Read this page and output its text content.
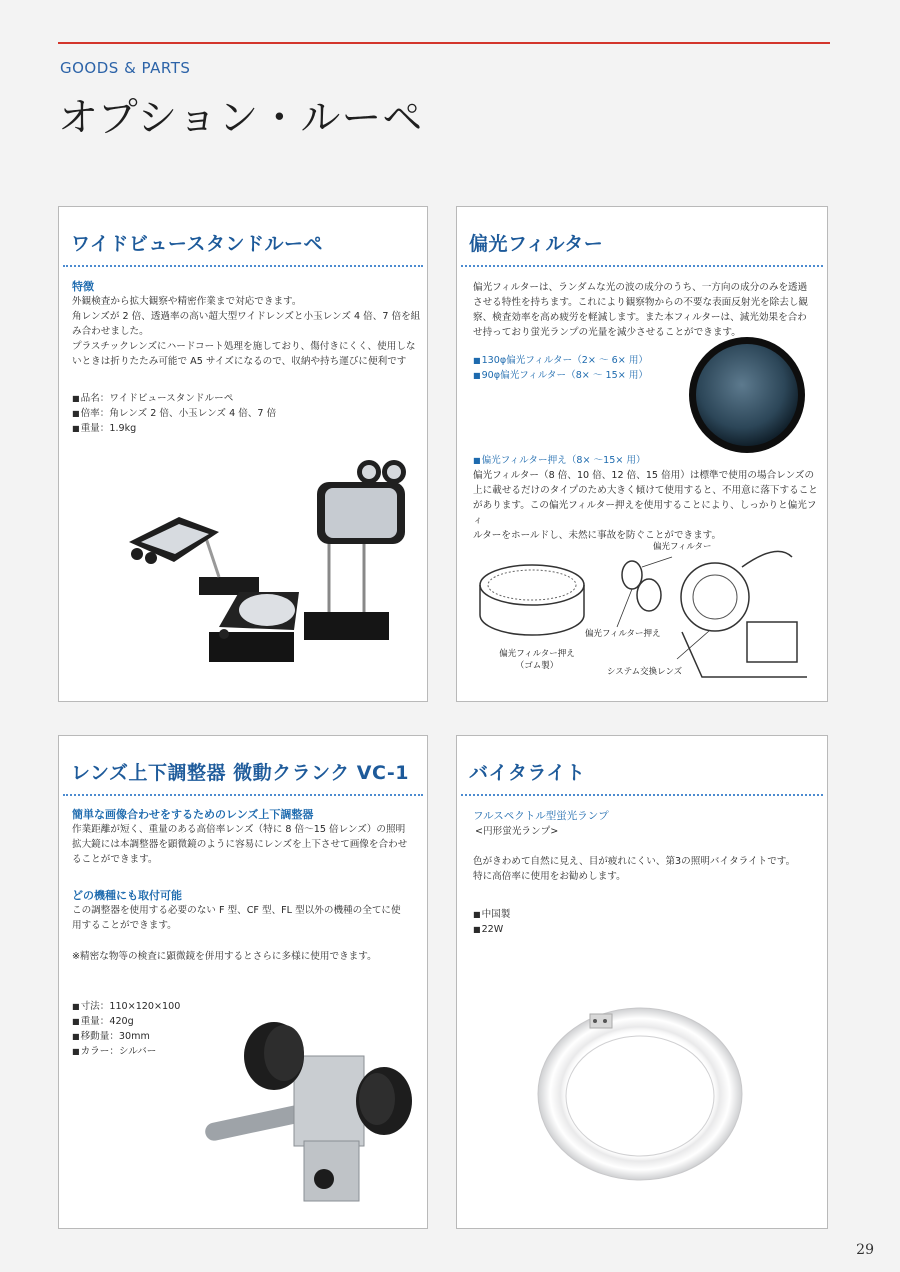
GOODS & PARTS
オプション・ルーペ
ワイドビュースタンドルーペ
特徴
外観検査から拡大観察や精密作業まで対応できます。
角レンズが 2 倍、透過率の高い超大型ワイドレンズと小玉レンズ 4 倍、7 倍を組
み合わせました。
プラスチックレンズにハードコート処理を施しており、傷付きにくく、使用しな
いときは折りたたみ可能で A5 サイズになるので、収納や持ち運びに便利です
■ 品名：ワイドビュースタンドルーペ
■ 倍率：角レンズ 2 倍、小玉レンズ 4 倍、7 倍
■ 重量：1.9kg
偏光フィルター
偏光フィルターは、ランダムな光の波の成分のうち、一方向の成分のみを透過
させる特性を持ちます。これにより観察物からの不要な表面反射光を除去し観
察、検査効率を高め疲労を軽減します。また本フィルターは、減光効果を合わ
せ持っており蛍光ランプの光量を減少させることができます。
■ 130φ偏光フィルター（2× ～ 6× 用）
■ 90φ偏光フィルター（8× ～ 15× 用）
■ 偏光フィルター押え（8× ～15× 用）
偏光フィルター（8 倍、10 倍、12 倍、15 倍用）は標準で使用の場合レンズの
上に載せるだけのタイプのため大きく傾けて使用すると、不用意に落下すること
があります。この偏光フィルター押えを使用することにより、しっかりと偏光フィ
ルターをホールドし、未然に事故を防ぐことができます。
偏光フィルター押え
（ゴム製）
偏光フィルター
偏光フィルター押え
システム交換レンズ
レンズ上下調整器 微動クランク VC-1
簡単な画像合わせをするためのレンズ上下調整器
作業距離が短く、重量のある高倍率レンズ（特に 8 倍～15 倍レンズ）の照明
拡大鏡には本調整器を顕微鏡のように容易にレンズを上下させて画像を合わせ
ることができます。
どの機種にも取付可能
この調整器を使用する必要のない F 型、CF 型、FL 型以外の機種の全てに使
用することができます。
※精密な物等の検査に顕微鏡を併用するとさらに多様に使用できます。
■ 寸法：110×120×100
■ 重量：420g
■ 移動量：30mm
■ カラー：シルバー
バイタライト
フルスペクトル型蛍光ランプ
<円形蛍光ランプ>
色がきわめて自然に見え、目が疲れにくい、第3の照明バイタライトです。
特に高倍率に使用をお勧めします。
■ 中国製
■ 22W
29
